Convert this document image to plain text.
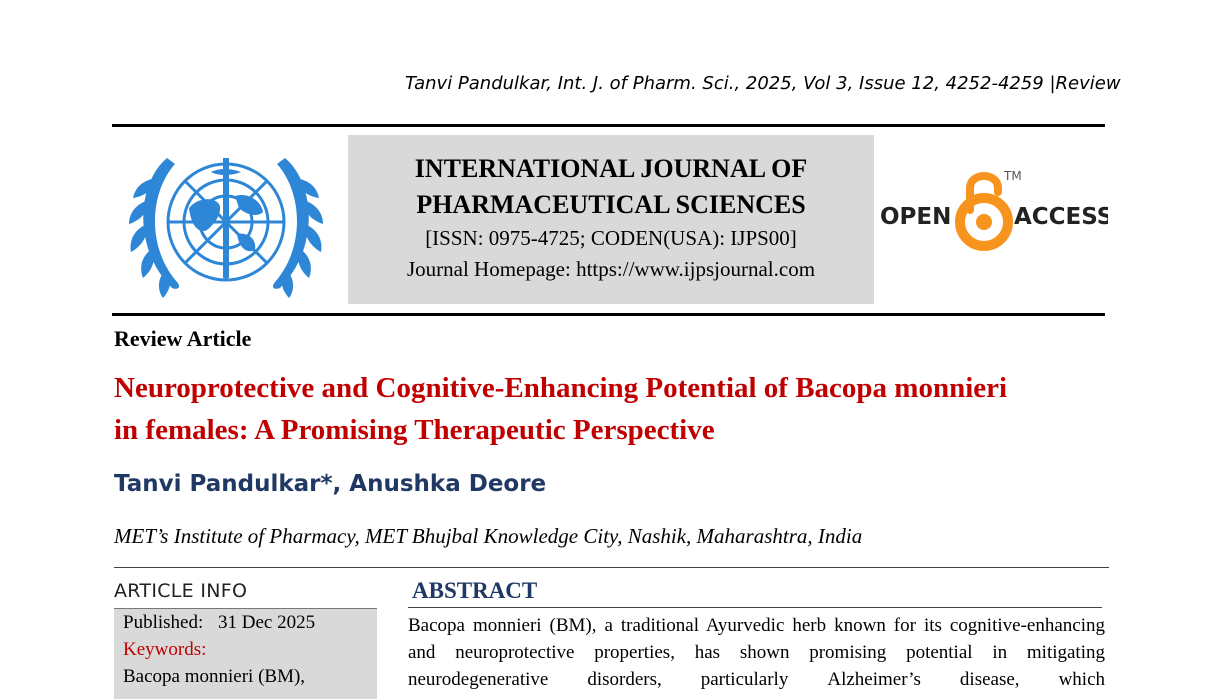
Tanvi Pandulkar, Int. J. of Pharm. Sci., 2025, Vol 3, Issue 12, 4252-4259 |Review
INTERNATIONAL JOURNAL OF
PHARMACEUTICAL SCIENCES
[ISSN: 0975-4725; CODEN(USA): IJPS00]
Journal Homepage: https://www.ijpsjournal.com
OPEN
TM
ACCESS
Review Article
Neuroprotective and Cognitive-Enhancing Potential of Bacopa monnieri
in females: A Promising Therapeutic Perspective
Tanvi Pandulkar*, Anushka Deore
MET’s Institute of Pharmacy, MET Bhujbal Knowledge City, Nashik, Maharashtra, India
ARTICLE INFO
Published: 31 Dec 2025
Keywords:
Bacopa monnieri (BM),
ABSTRACT
Bacopa monnieri (BM), a traditional Ayurvedic herb known for its cognitive-enhancing
and neuroprotective properties, has shown promising potential in mitigating
neurodegenerative disorders, particularly Alzheimer’s disease, which
